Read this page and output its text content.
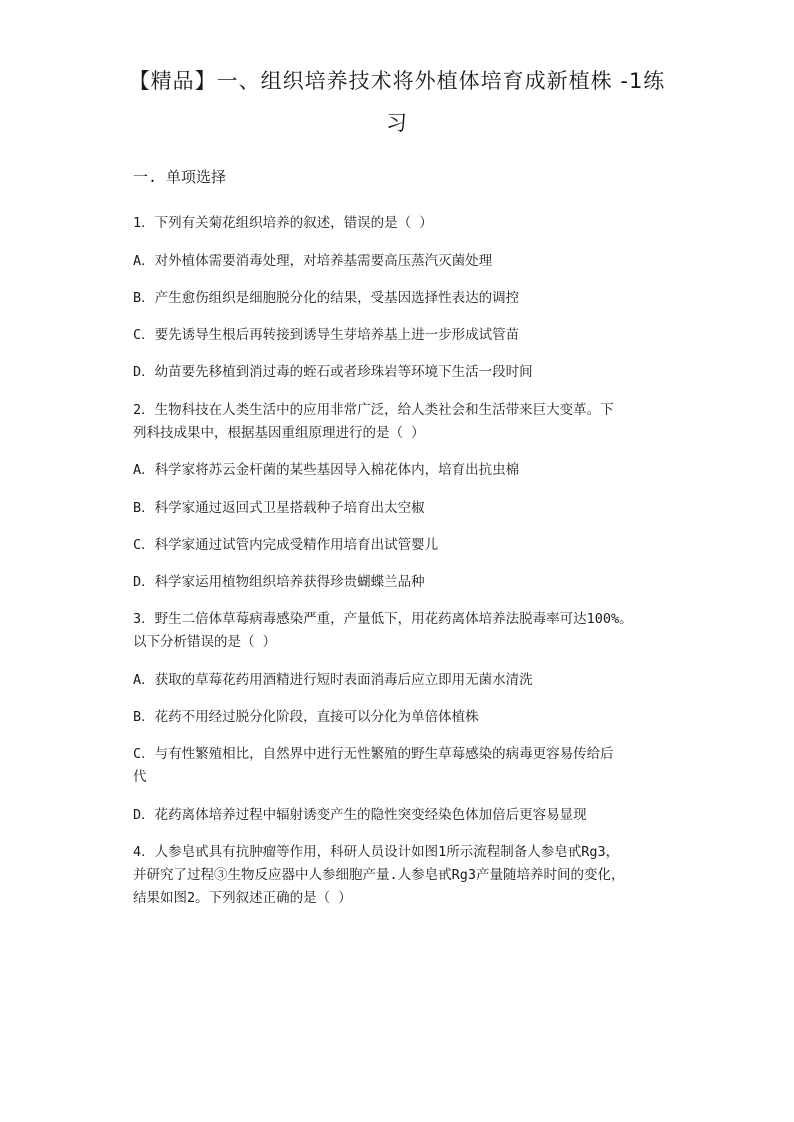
【精品】一、组织培养技术将外植体培育成新植株 -1练
习
一. 单项选择
1．下列有关菊花组织培养的叙述，错误的是（ ）
A．对外植体需要消毒处理，对培养基需要高压蒸汽灭菌处理
B．产生愈伤组织是细胞脱分化的结果，受基因选择性表达的调控
C．要先诱导生根后再转接到诱导生芽培养基上进一步形成试管苗
D．幼苗要先移植到消过毒的蛭石或者珍珠岩等环境下生活一段时间
2．生物科技在人类生活中的应用非常广泛，给人类社会和生活带来巨大变革。下
列科技成果中，根据基因重组原理进行的是（ ）
A．科学家将苏云金杆菌的某些基因导入棉花体内，培育出抗虫棉
B．科学家通过返回式卫星搭载种子培育出太空椒
C．科学家通过试管内完成受精作用培育出试管婴儿
D．科学家运用植物组织培养获得珍贵蝴蝶兰品种
3．野生二倍体草莓病毒感染严重，产量低下，用花药离体培养法脱毒率可达100%。
以下分析错误的是（ ）
A．获取的草莓花药用酒精进行短时表面消毒后应立即用无菌水清洗
B．花药不用经过脱分化阶段，直接可以分化为单倍体植株
C．与有性繁殖相比，自然界中进行无性繁殖的野生草莓感染的病毒更容易传给后
代
D．花药离体培养过程中辐射诱变产生的隐性突变经染色体加倍后更容易显现
4．人参皂甙具有抗肿瘤等作用，科研人员设计如图1所示流程制备人参皂甙Rg3，
并研究了过程③生物反应器中人参细胞产量.人参皂甙Rg3产量随培养时间的变化，
结果如图2。下列叙述正确的是（ ）
